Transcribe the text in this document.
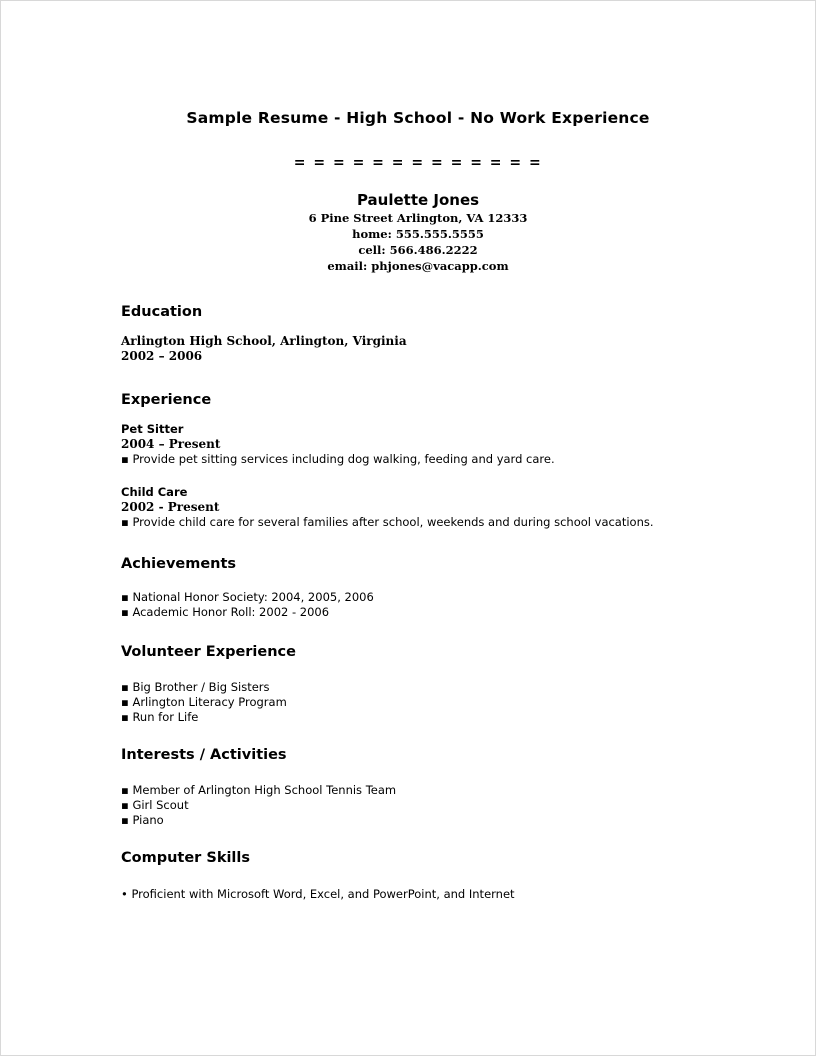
Sample Resume - High School - No Work Experience
= = = = = = = = = = = = =
Paulette Jones
6 Pine Street Arlington, VA 12333
home: 555.555.5555
cell: 566.486.2222
email: phjones@vacapp.com
Education
Arlington High School, Arlington, Virginia
2002 – 2006
Experience
Pet Sitter
2004 – Present
▪ Provide pet sitting services including dog walking, feeding and yard care.
Child Care
2002 - Present
▪ Provide child care for several families after school, weekends and during school vacations.
Achievements
▪ National Honor Society: 2004, 2005, 2006
▪ Academic Honor Roll: 2002 - 2006
Volunteer Experience
▪ Big Brother / Big Sisters
▪ Arlington Literacy Program
▪ Run for Life
Interests / Activities
▪ Member of Arlington High School Tennis Team
▪ Girl Scout
▪ Piano
Computer Skills
• Proficient with Microsoft Word, Excel, and PowerPoint, and Internet
